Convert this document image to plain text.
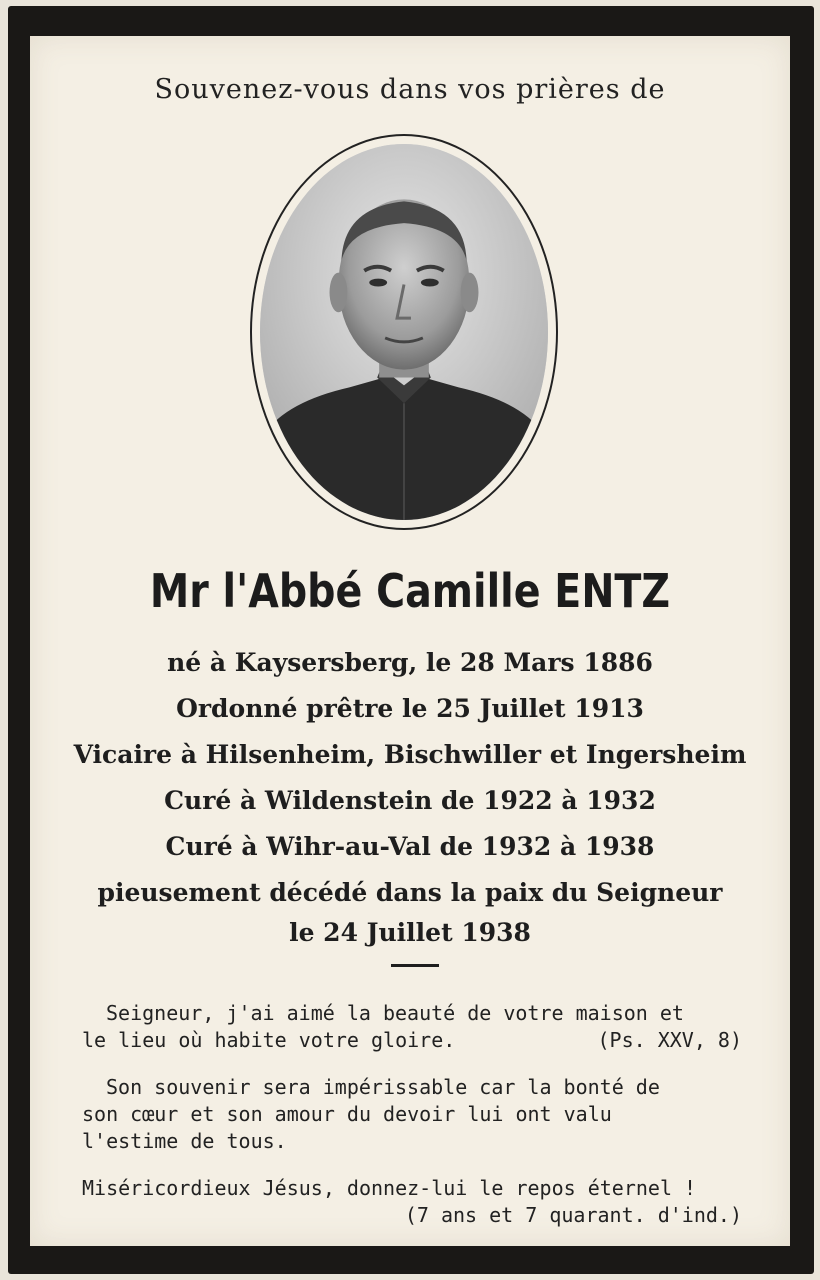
Souvenez-vous dans vos prières de
Mr l'Abbé Camille ENTZ
né à Kaysersberg, le 28 Mars 1886
Ordonné prêtre le 25 Juillet 1913
Vicaire à Hilsenheim, Bischwiller et Ingersheim
Curé à Wildenstein de 1922 à 1932
Curé à Wihr-au-Val de 1932 à 1938
pieusement décédé dans la paix du Seigneur
le 24 Juillet 1938

Seigneur, j'ai aimé la beauté de votre maison et
le lieu où habite votre gloire.	(Ps. XXV, 8)

Son souvenir sera impérissable car la bonté de
son cœur et son amour du devoir lui ont valu
l'estime de tous.

Miséricordieux Jésus, donnez-lui le repos éternel !
(7 ans et 7 quarant. d'ind.)
